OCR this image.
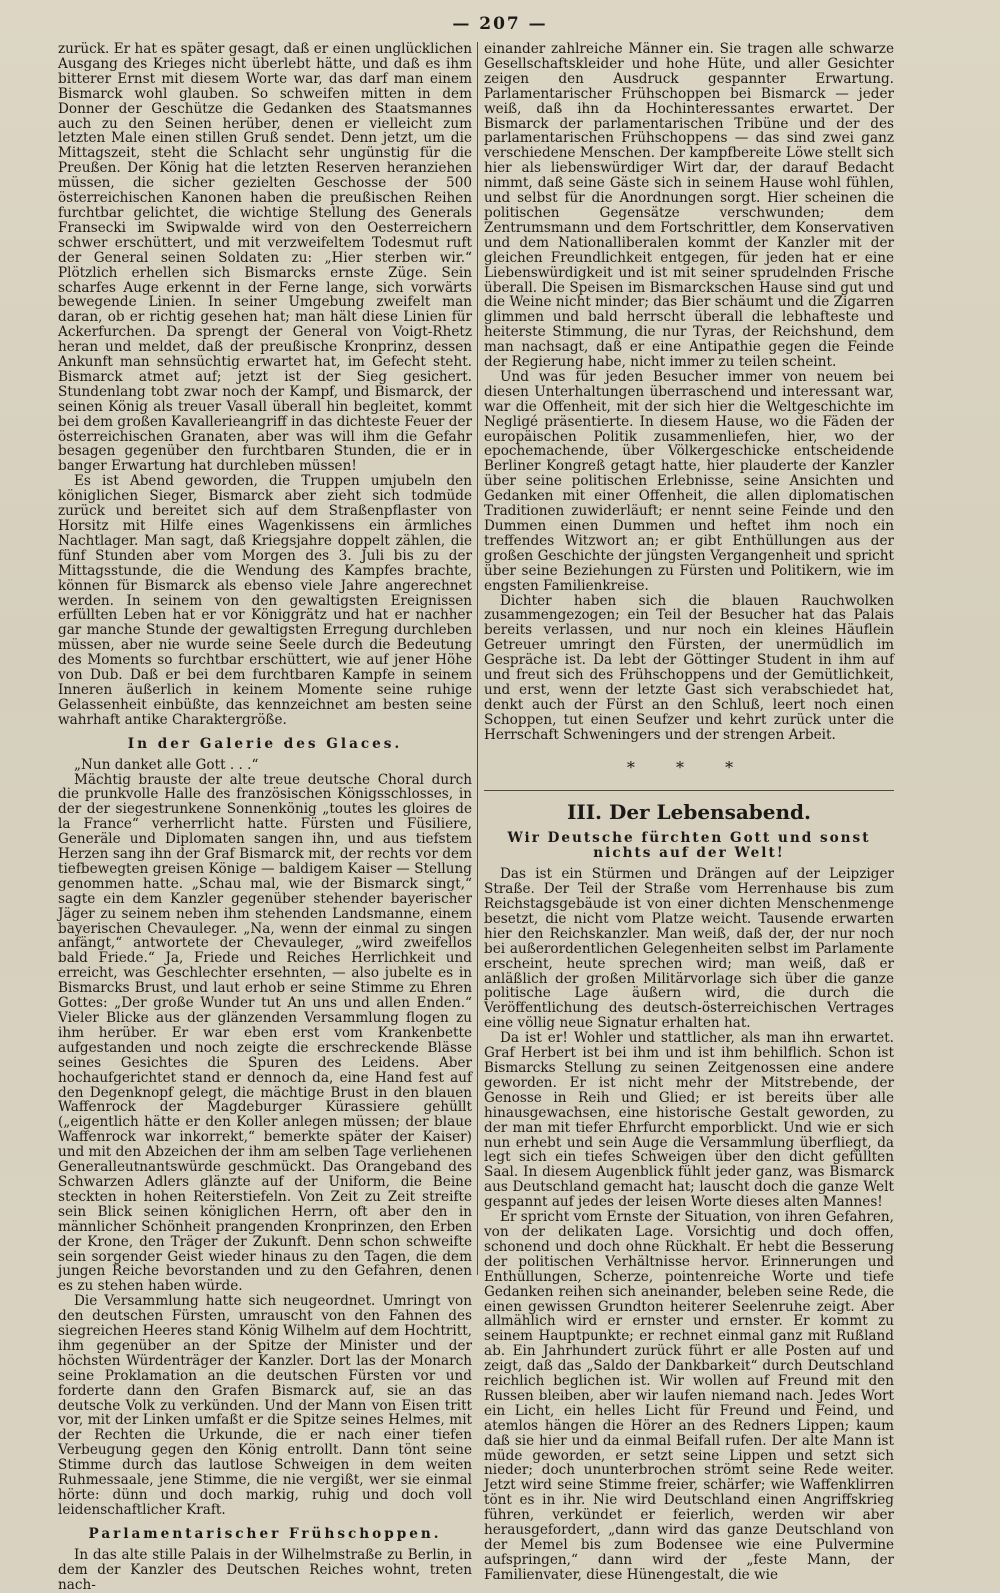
— 207 —

zurück. Er hat es später gesagt, daß er einen unglücklichen Ausgang des Krieges nicht überlebt hätte, und daß es ihm bitterer Ernst mit diesem Worte war, das darf man einem Bismarck wohl glauben. So schweifen mitten in dem Donner der Geschütze die Gedanken des Staatsmannes auch zu den Seinen herüber, denen er vielleicht zum letzten Male einen stillen Gruß sendet. Denn jetzt, um die Mittagszeit, steht die Schlacht sehr ungünstig für die Preußen. Der König hat die letzten Reserven heranziehen müssen, die sicher gezielten Geschosse der 500 österreichischen Kanonen haben die preußischen Reihen furchtbar gelichtet, die wichtige Stellung des Generals Fransecki im Swipwalde wird von den Oesterreichern schwer erschüttert, und mit verzweifeltem Todesmut ruft der General seinen Soldaten zu: „Hier sterben wir.“ Plötzlich erhellen sich Bismarcks ernste Züge. Sein scharfes Auge erkennt in der Ferne lange, sich vorwärts bewegende Linien. In seiner Umgebung zweifelt man daran, ob er richtig gesehen hat; man hält diese Linien für Ackerfurchen. Da sprengt der General von Voigt-Rhetz heran und meldet, daß der preußische Kronprinz, dessen Ankunft man sehnsüchtig erwartet hat, im Gefecht steht. Bismarck atmet auf; jetzt ist der Sieg gesichert. Stundenlang tobt zwar noch der Kampf, und Bismarck, der seinen König als treuer Vasall überall hin begleitet, kommt bei dem großen Kavallerieangriff in das dichteste Feuer der österreichischen Granaten, aber was will ihm die Gefahr besagen gegenüber den furchtbaren Stunden, die er in banger Erwartung hat durchleben müssen!

Es ist Abend geworden, die Truppen umjubeln den königlichen Sieger, Bismarck aber zieht sich todmüde zurück und bereitet sich auf dem Straßenpflaster von Horsitz mit Hilfe eines Wagenkissens ein ärmliches Nachtlager. Man sagt, daß Kriegsjahre doppelt zählen, die fünf Stunden aber vom Morgen des 3. Juli bis zu der Mittagsstunde, die die Wendung des Kampfes brachte, können für Bismarck als ebenso viele Jahre angerechnet werden. In seinem von den gewaltigsten Ereignissen erfüllten Leben hat er vor Königgrätz und hat er nachher gar manche Stunde der gewaltigsten Erregung durchleben müssen, aber nie wurde seine Seele durch die Bedeutung des Moments so furchtbar erschüttert, wie auf jener Höhe von Dub. Daß er bei dem furchtbaren Kampfe in seinem Inneren äußerlich in keinem Momente seine ruhige Gelassenheit einbüßte, das kennzeichnet am besten seine wahrhaft antike Charaktergröße.

In der Galerie des Glaces.

„Nun danket alle Gott . . .“

Mächtig brauste der alte treue deutsche Choral durch die prunkvolle Halle des französischen Königsschlosses, in der der siegestrunkene Sonnenkönig „toutes les gloires de la France“ verherrlicht hatte. Fürsten und Füsiliere, Generäle und Diplomaten sangen ihn, und aus tiefstem Herzen sang ihn der Graf Bismarck mit, der rechts vor dem tiefbewegten greisen Könige — baldigem Kaiser — Stellung genommen hatte. „Schau mal, wie der Bismarck singt,“ sagte ein dem Kanzler gegenüber stehender bayerischer Jäger zu seinem neben ihm stehenden Landsmanne, einem bayerischen Chevauleger. „Na, wenn der einmal zu singen anfängt,“ antwortete der Chevauleger, „wird zweifellos bald Friede.“ Ja, Friede und Reiches Herrlichkeit und erreicht, was Geschlechter ersehnten, — also jubelte es in Bismarcks Brust, und laut erhob er seine Stimme zu Ehren Gottes: „Der große Wunder tut An uns und allen Enden.“ Vieler Blicke aus der glänzenden Versammlung flogen zu ihm herüber. Er war eben erst vom Krankenbette aufgestanden und noch zeigte die erschreckende Blässe seines Gesichtes die Spuren des Leidens. Aber hochaufgerichtet stand er dennoch da, eine Hand fest auf den Degenknopf gelegt, die mächtige Brust in den blauen Waffenrock der Magdeburger Kürassiere gehüllt („eigentlich hätte er den Koller anlegen müssen; der blaue Waffenrock war inkorrekt,“ bemerkte später der Kaiser) und mit den Abzeichen der ihm am selben Tage verliehenen Generalleutnantswürde geschmückt. Das Orangeband des Schwarzen Adlers glänzte auf der Uniform, die Beine steckten in hohen Reiterstiefeln. Von Zeit zu Zeit streifte sein Blick seinen königlichen Herrn, oft aber den in männlicher Schönheit prangenden Kronprinzen, den Erben der Krone, den Träger der Zukunft. Denn schon schweifte sein sorgender Geist wieder hinaus zu den Tagen, die dem jungen Reiche bevorstanden und zu den Gefahren, denen es zu stehen haben würde.

Die Versammlung hatte sich neugeordnet. Umringt von den deutschen Fürsten, umrauscht von den Fahnen des siegreichen Heeres stand König Wilhelm auf dem Hochtritt, ihm gegenüber an der Spitze der Minister und der höchsten Würdenträger der Kanzler. Dort las der Monarch seine Proklamation an die deutschen Fürsten vor und forderte dann den Grafen Bismarck auf, sie an das deutsche Volk zu verkünden. Und der Mann von Eisen tritt vor, mit der Linken umfaßt er die Spitze seines Helmes, mit der Rechten die Urkunde, die er nach einer tiefen Verbeugung gegen den König entrollt. Dann tönt seine Stimme durch das lautlose Schweigen in dem weiten Ruhmessaale, jene Stimme, die nie vergißt, wer sie einmal hörte: dünn und doch markig, ruhig und doch voll leidenschaftlicher Kraft.

Parlamentarischer Frühschoppen.

In das alte stille Palais in der Wilhelmstraße zu Berlin, in dem der Kanzler des Deutschen Reiches wohnt, treten nach-

einander zahlreiche Männer ein. Sie tragen alle schwarze Gesellschaftskleider und hohe Hüte, und aller Gesichter zeigen den Ausdruck gespannter Erwartung. Parlamentarischer Frühschoppen bei Bismarck — jeder weiß, daß ihn da Hochinteressantes erwartet. Der Bismarck der parlamentarischen Tribüne und der des parlamentarischen Frühschoppens — das sind zwei ganz verschiedene Menschen. Der kampfbereite Löwe stellt sich hier als liebenswürdiger Wirt dar, der darauf Bedacht nimmt, daß seine Gäste sich in seinem Hause wohl fühlen, und selbst für die Anordnungen sorgt. Hier scheinen die politischen Gegensätze verschwunden; dem Zentrumsmann und dem Fortschrittler, dem Konservativen und dem Nationalliberalen kommt der Kanzler mit der gleichen Freundlichkeit entgegen, für jeden hat er eine Liebenswürdigkeit und ist mit seiner sprudelnden Frische überall. Die Speisen im Bismarckschen Hause sind gut und die Weine nicht minder; das Bier schäumt und die Zigarren glimmen und bald herrscht überall die lebhafteste und heiterste Stimmung, die nur Tyras, der Reichshund, dem man nachsagt, daß er eine Antipathie gegen die Feinde der Regierung habe, nicht immer zu teilen scheint.

Und was für jeden Besucher immer von neuem bei diesen Unterhaltungen überraschend und interessant war, war die Offenheit, mit der sich hier die Weltgeschichte im Negligé präsentierte. In diesem Hause, wo die Fäden der europäischen Politik zusammenliefen, hier, wo der epochemachende, über Völkergeschicke entscheidende Berliner Kongreß getagt hatte, hier plauderte der Kanzler über seine politischen Erlebnisse, seine Ansichten und Gedanken mit einer Offenheit, die allen diplomatischen Traditionen zuwiderläuft; er nennt seine Feinde und den Dummen einen Dummen und heftet ihm noch ein treffendes Witzwort an; er gibt Enthüllungen aus der großen Geschichte der jüngsten Vergangenheit und spricht über seine Beziehungen zu Fürsten und Politikern, wie im engsten Familienkreise.

Dichter haben sich die blauen Rauchwolken zusammengezogen; ein Teil der Besucher hat das Palais bereits verlassen, und nur noch ein kleines Häuflein Getreuer umringt den Fürsten, der unermüdlich im Gespräche ist. Da lebt der Göttinger Student in ihm auf und freut sich des Frühschoppens und der Gemütlichkeit, und erst, wenn der letzte Gast sich verabschiedet hat, denkt auch der Fürst an den Schluß, leert noch einen Schoppen, tut einen Seufzer und kehrt zurück unter die Herrschaft Schweningers und der strengen Arbeit.

* * *
III. Der Lebensabend.
Wir Deutsche fürchten Gott und sonst nichts auf der Welt!

Das ist ein Stürmen und Drängen auf der Leipziger Straße. Der Teil der Straße vom Herrenhause bis zum Reichstagsgebäude ist von einer dichten Menschenmenge besetzt, die nicht vom Platze weicht. Tausende erwarten hier den Reichskanzler. Man weiß, daß der, der nur noch bei außerordentlichen Gelegenheiten selbst im Parlamente erscheint, heute sprechen wird; man weiß, daß er anläßlich der großen Militärvorlage sich über die ganze politische Lage äußern wird, die durch die Veröffentlichung des deutsch-österreichischen Vertrages eine völlig neue Signatur erhalten hat.

Da ist er! Wohler und stattlicher, als man ihn erwartet. Graf Herbert ist bei ihm und ist ihm behilflich. Schon ist Bismarcks Stellung zu seinen Zeitgenossen eine andere geworden. Er ist nicht mehr der Mitstrebende, der Genosse in Reih und Glied; er ist bereits über alle hinausgewachsen, eine historische Gestalt geworden, zu der man mit tiefer Ehrfurcht emporblickt. Und wie er sich nun erhebt und sein Auge die Versammlung überfliegt, da legt sich ein tiefes Schweigen über den dicht gefüllten Saal. In diesem Augenblick fühlt jeder ganz, was Bismarck aus Deutschland gemacht hat; lauscht doch die ganze Welt gespannt auf jedes der leisen Worte dieses alten Mannes!

Er spricht vom Ernste der Situation, von ihren Gefahren, von der delikaten Lage. Vorsichtig und doch offen, schonend und doch ohne Rückhalt. Er hebt die Besserung der politischen Verhältnisse hervor. Erinnerungen und Enthüllungen, Scherze, pointenreiche Worte und tiefe Gedanken reihen sich aneinander, beleben seine Rede, die einen gewissen Grundton heiterer Seelenruhe zeigt. Aber allmählich wird er ernster und ernster. Er kommt zu seinem Hauptpunkte; er rechnet einmal ganz mit Rußland ab. Ein Jahrhundert zurück führt er alle Posten auf und zeigt, daß das „Saldo der Dankbarkeit“ durch Deutschland reichlich beglichen ist. Wir wollen auf Freund mit den Russen bleiben, aber wir laufen niemand nach. Jedes Wort ein Licht, ein helles Licht für Freund und Feind, und atemlos hängen die Hörer an des Redners Lippen; kaum daß sie hier und da einmal Beifall rufen. Der alte Mann ist müde geworden, er setzt seine Lippen und setzt sich nieder; doch ununterbrochen strömt seine Rede weiter. Jetzt wird seine Stimme freier, schärfer; wie Waffenklirren tönt es in ihr. Nie wird Deutschland einen Angriffskrieg führen, verkündet er feierlich, werden wir aber herausgefordert, „dann wird das ganze Deutschland von der Memel bis zum Bodensee wie eine Pulvermine aufspringen,“ dann wird der „feste Mann, der Familienvater, diese Hünengestalt, die wie
